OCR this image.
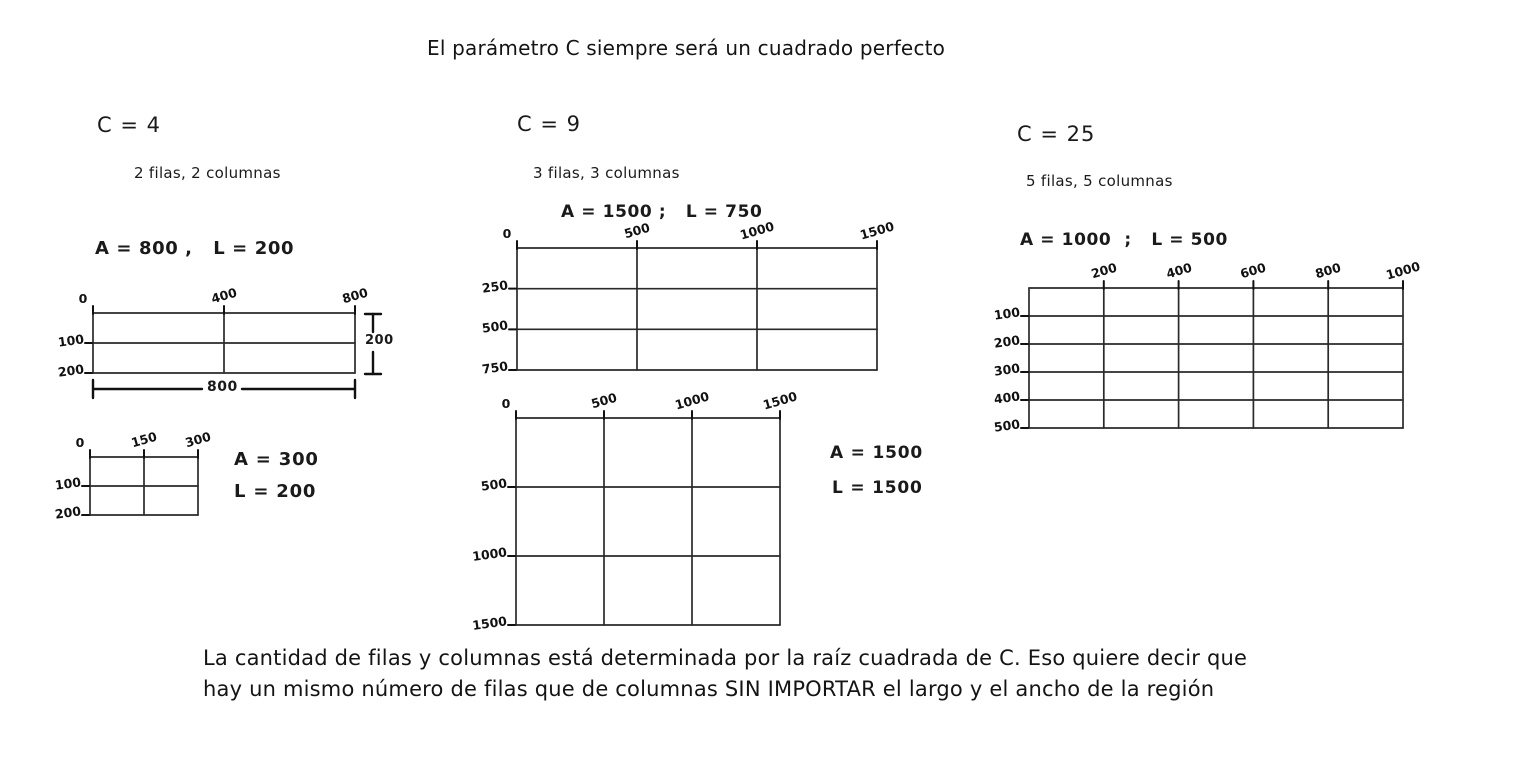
El parámetro C siempre será un cuadrado perfecto
C = 4
2 filas, 2 columnas
A = 800 ,   L = 200
C = 9
3 filas, 3 columnas
A = 1500 ;   L = 750
C = 25
5 filas, 5 columnas
A = 1000  ;   L = 500
A = 300
L = 200
A = 1500
L = 1500
200
800
La cantidad de filas y columnas está determinada por la raíz cuadrada de C. Eso quiere decir que
hay un mismo número de filas que de columnas SIN IMPORTAR el largo y el ancho de la región
0	400	800
100
200
0	150	300
100
200
0	500	1000	1500
250
500
750
0	500	1000	1500
500
1000
1500
200	400	600	800	1000
100
200
300
400
500
